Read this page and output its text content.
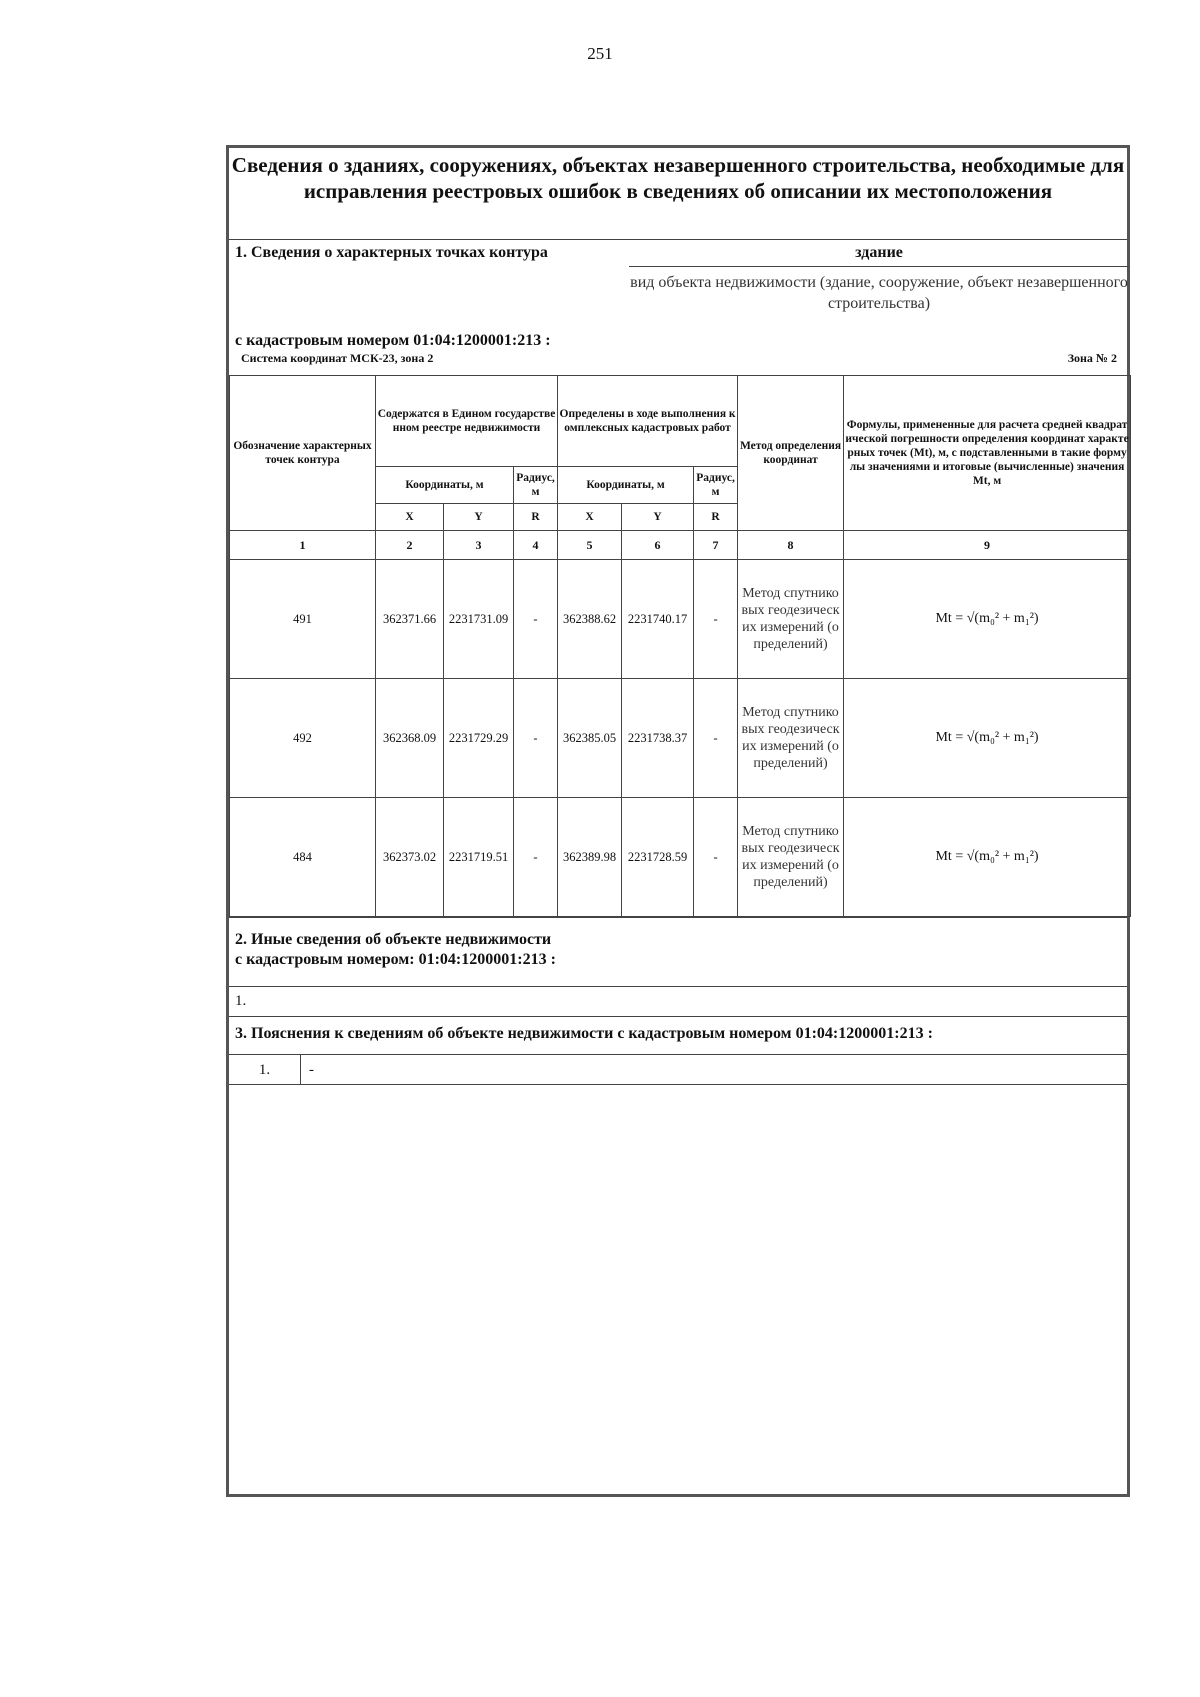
251
Сведения о зданиях, сооружениях, объектах незавершенного строительства, необходимые для исправления реестровых ошибок в сведениях об описании их местоположения
1. Сведения о характерных точках контура	здание
вид объекта недвижимости (здание, сооружение, объект незавершенного строительства)
с кадастровым номером 01:04:1200001:213 :
Система координат МСК-23, зона 2	Зона № 2
Обозначение характерных точек контура	Содержатся в Едином государственном реестре недвижимости			Определены в ходе выполнения комплексных кадастровых работ			Метод определения координат	Формулы, примененные для расчета средней квадратической погрешности определения координат характерных точек (Mt), м, с подставленными в такие формулы значениями и итоговые (вычисленные) значения Mt, м
	Координаты, м		Радиус, м	Координаты, м		Радиус, м		
	X	Y	R	X	Y	R		
1	2	3	4	5	6	7	8	9
491	362371.66	2231731.09	-	362388.62	2231740.17	-	Метод спутниковых геодезических измерений (определений)	Mt = √(m₀² + m₁²)
492	362368.09	2231729.29	-	362385.05	2231738.37	-	Метод спутниковых геодезических измерений (определений)	Mt = √(m₀² + m₁²)
484	362373.02	2231719.51	-	362389.98	2231728.59	-	Метод спутниковых геодезических измерений (определений)	Mt = √(m₀² + m₁²)
2. Иные сведения об объекте недвижимости
с кадастровым номером: 01:04:1200001:213 :
1.
3. Пояснения к сведениям об объекте недвижимости с кадастровым номером 01:04:1200001:213 :
1.	-
